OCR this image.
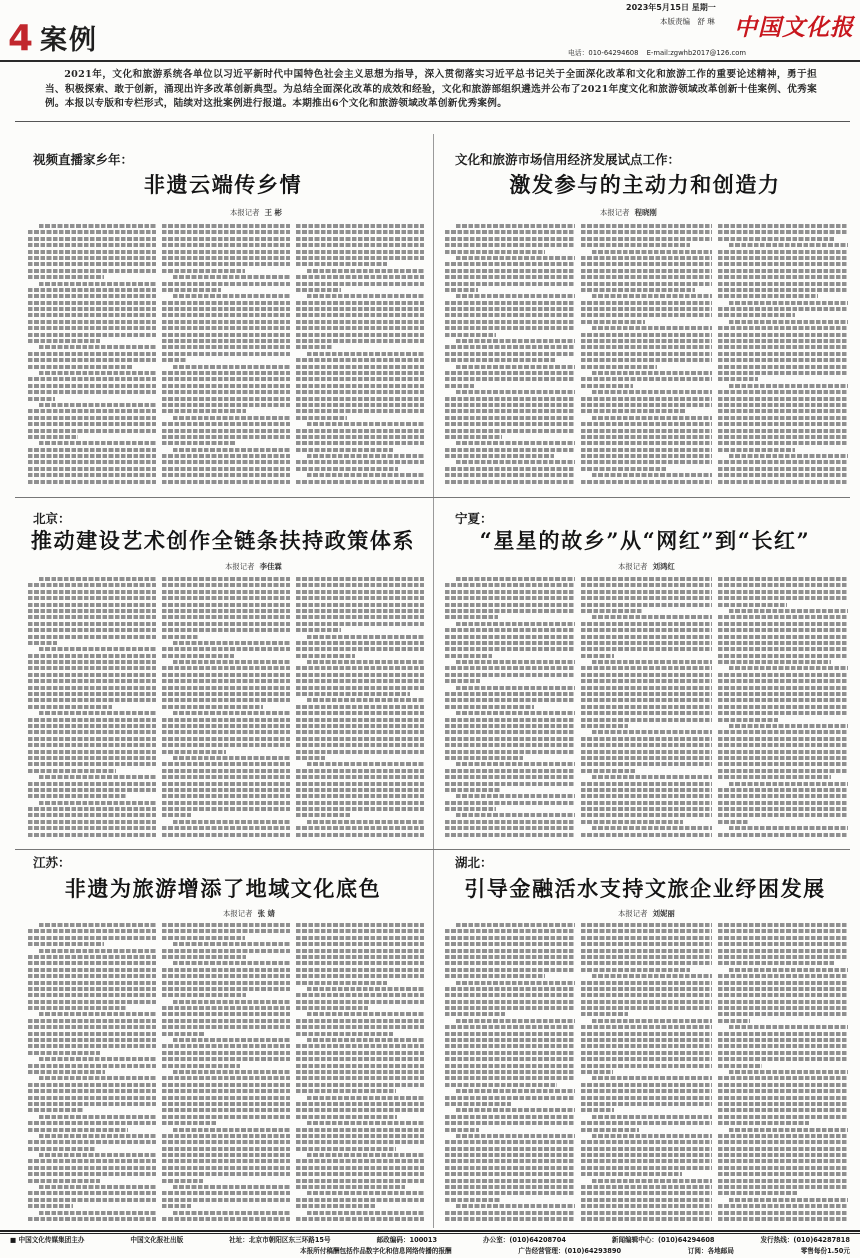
4 案例
2023年5月15日 星期一
本版责编 舒 琳
电话：010-64294608 E-mail:zgwhb2017@126.com
中国文化报
2021年，文化和旅游系统各单位以习近平新时代中国特色社会主义思想为指导，深入贯彻落实习近平总书记关于全面深化改革和文化和旅游工作的重要论述精神，勇于担当、积极探索、敢于创新，涌现出许多改革创新典型。为总结全面深化改革的成效和经验，文化和旅游部组织遴选并公布了2021年度文化和旅游领域改革创新十佳案例、优秀案例。本报以专版和专栏形式，陆续对这批案例进行报道。本期推出6个文化和旅游领域改革创新优秀案例。
视频直播家乡年：
非遗云端传乡情
本报记者 王 彬
文化和旅游市场信用经济发展试点工作：
激发参与的主动力和创造力
本报记者 程晓刚
北京：
推动建设艺术创作全链条扶持政策体系
本报记者 李佳霖
宁夏：
“星星的故乡”从“网红”到“长红”
本报记者 刘鸿红
江苏：
非遗为旅游增添了地域文化底色
本报记者 张 婧
湖北：
引导金融活水支持文旅企业纾困发展
本报记者 刘妮丽
■ 中国文化传媒集团主办	中国文化报社出版	社址：北京市朝阳区东三环路15号	邮政编码：100013	办公室：(010)64208704	新闻编辑中心：(010)64294608	发行热线：(010)64287818
本报所付稿酬包括作品数字化和信息网络传播的报酬	广告经营管理：(010)64293890	订阅：各地邮局	零售每份1.50元
